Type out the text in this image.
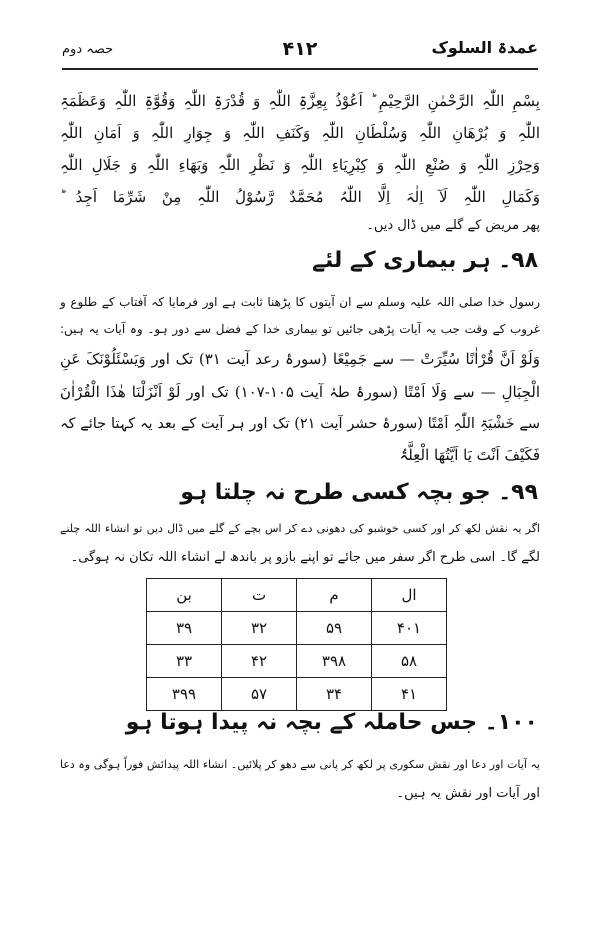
عمدۃ السلوک
۴۱۲
حصہ دوم
بِسْمِ اللّٰہِ الرَّحْمٰنِ الرَّحِیْمِ ؕ اَعُوْذُ بِعِزَّۃِ اللّٰہِ وَ قُدْرَۃِ اللّٰہِ وَقُوَّۃِ اللّٰہِ وَعَظَمَۃِ
اللّٰہِ وَ بُرْھَانِ اللّٰہِ وَسُلْطَانِ اللّٰہِ وَکَنَفِ اللّٰہِ وَ جِوَارِ اللّٰہِ وَ اَمَانِ اللّٰہِ
وَحِرْزِ اللّٰہِ وَ صُنْعِ اللّٰہِ وَ کِبْرِیَاءِ اللّٰہِ وَ نَظْرِ اللّٰہِ وَبَھَاءِ اللّٰہِ وَ جَلَالِ اللّٰہِ
وَکَمَالِ اللّٰہِ لَآ اِلٰہَ اِلَّا اللّٰہُ مُحَمَّدٌ رَّسُوْلُ اللّٰہِ مِنْ شَرِّمَا اَجِدُ ؕ
پھر مریض کے گلے میں ڈال دیں۔
۹۸۔ ہر بیماری کے لئے
رسول خدا صلی اللہ علیہ وسلم سے ان آیتوں کا پڑھنا ثابت ہے اور فرمایا کہ آفتاب کے طلوع و
غروب کے وقت جب یہ آیات پڑھی جائیں تو بیماری خدا کے فضل سے دور ہو۔ وہ آیات یہ ہیں:
وَلَوْ اَنَّ قُرْاٰنًا سُیِّرَتْ — سے جَمِیْعًا (سورۂ رعد آیت ۳۱) تک اور وَیَسْئَلُوْنَکَ عَنِ
الْجِبَالِ — سے وَلَا اَمْتًا (سورۂ طہٰ آیت ۱۰۵-۱۰۷) تک اور لَوْ اَنْزَلْنَا ھٰذَا الْقُرْاٰنَ
سے خَشْیَۃِ اللّٰہِ اَمْتًا (سورۂ حشر آیت ۲۱) تک اور ہر آیت کے بعد یہ کہتا جائے کہ
فَکَیْفَ اَنْتَ یَا اَیَّتُھَا الْعِلَّۃُ
۹۹۔ جو بچہ کسی طرح نہ چلتا ہو
اگر یہ نقش لکھ کر اور کسی خوشبو کی دھونی دے کر اس بچے کے گلے میں ڈال دیں تو انشاء اللہ چلنے
لگے گا۔ اسی طرح اگر سفر میں جائے تو اپنے بازو پر باندھ لے انشاء اللہ تکان نہ ہوگی۔
ال	م	ت	بن
۴۰۱	۵۹	۳۲	۳۹
۵۸	۳۹۸	۴۲	۳۳
۴۱	۳۴	۵۷	۳۹۹
۱۰۰۔ جس حاملہ کے بچہ نہ پیدا ہوتا ہو
یہ آیات اور دعا اور نقش سکوری پر لکھ کر پانی سے دھو کر پلائیں۔ انشاء اللہ پیدائش فوراً ہوگی وہ دعا
اور آیات اور نقش یہ ہیں۔
